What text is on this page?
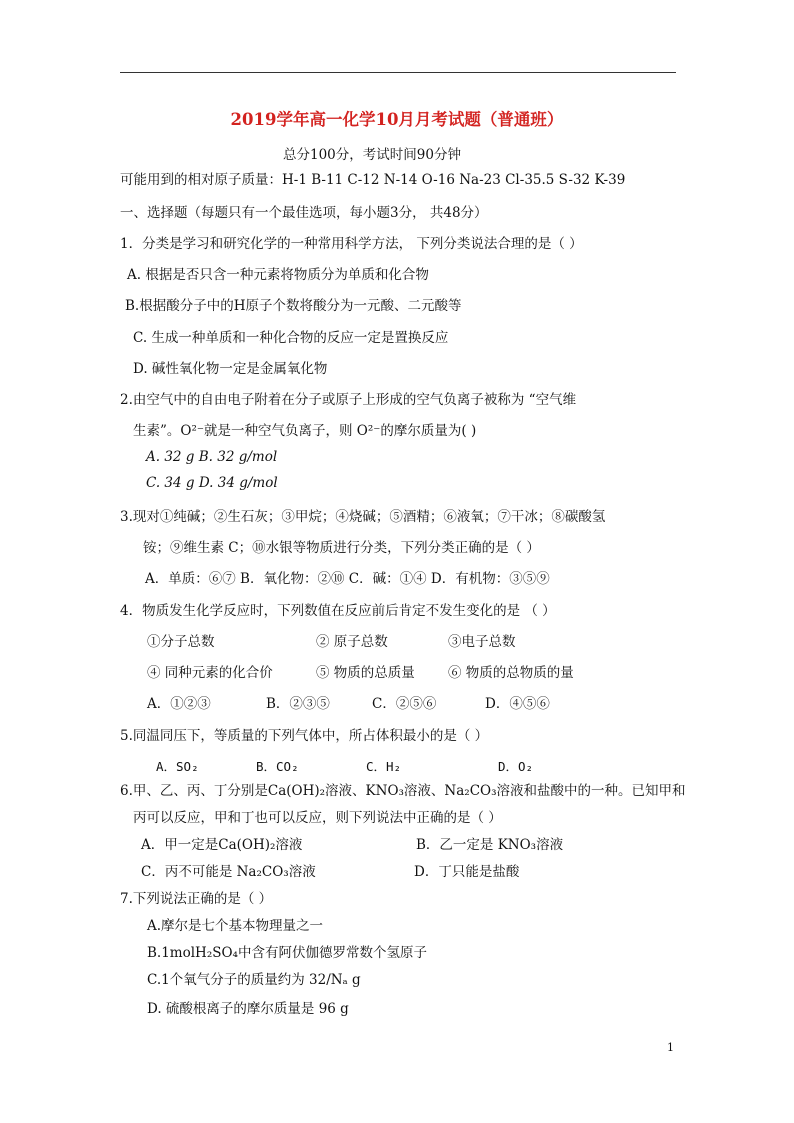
2019学年高一化学10月月考试题（普通班）
总分100分，考试时间90分钟
可能用到的相对原子质量：H-1 B-11 C-12 N-14 O-16 Na-23 Cl-35.5 S-32 K-39
一、选择题（每题只有一个最佳选项，每小题3分， 共48分）
1．分类是学习和研究化学的一种常用科学方法， 下列分类说法合理的是（ ）
A. 根据是否只含一种元素将物质分为单质和化合物
B.根据酸分子中的H原子个数将酸分为一元酸、二元酸等
C. 生成一种单质和一种化合物的反应一定是置换反应
D. 碱性氧化物一定是金属氧化物
2.由空气中的自由电子附着在分子或原子上形成的空气负离子被称为 “空气维
生素”。O²⁻就是一种空气负离子，则 O²⁻的摩尔质量为( )
A. 32 g B. 32 g/mol
C. 34 g D. 34 g/mol
3.现对①纯碱；②生石灰；③甲烷；④烧碱；⑤酒精；⑥液氧；⑦干冰；⑧碳酸氢
铵；⑨维生素 C；⑩水银等物质进行分类，下列分类正确的是（ ）
A．单质：⑥⑦ B．氧化物：②⑩ C．碱：①④ D．有机物：③⑤⑨
4．物质发生化学反应时，下列数值在反应前后肯定不发生变化的是 （ ）
①分子总数	② 原子总数	③电子总数
④ 同种元素的化合价	⑤ 物质的总质量 ⑥ 物质的总物质的量
A．①②③	B．②③⑤	C．②⑤⑥	D．④⑤⑥
5.同温同压下，等质量的下列气体中，所占体积最小的是（ ）
A．SO₂	B．CO₂	C．H₂	D．O₂
6.甲、乙、丙、丁分别是Ca(OH)₂溶液、KNO₃溶液、Na₂CO₃溶液和盐酸中的一种。已知甲和
丙可以反应，甲和丁也可以反应，则下列说法中正确的是（ ）
A．甲一定是Ca(OH)₂溶液	B．乙一定是 KNO₃溶液
C．丙不可能是 Na₂CO₃溶液	D．丁只能是盐酸
7.下列说法正确的是（ ）
A.摩尔是七个基本物理量之一
B.1molH₂SO₄中含有阿伏伽德罗常数个氢原子
C.1个氧气分子的质量约为 32/Nₐ g
D. 硫酸根离子的摩尔质量是 96 g
1
